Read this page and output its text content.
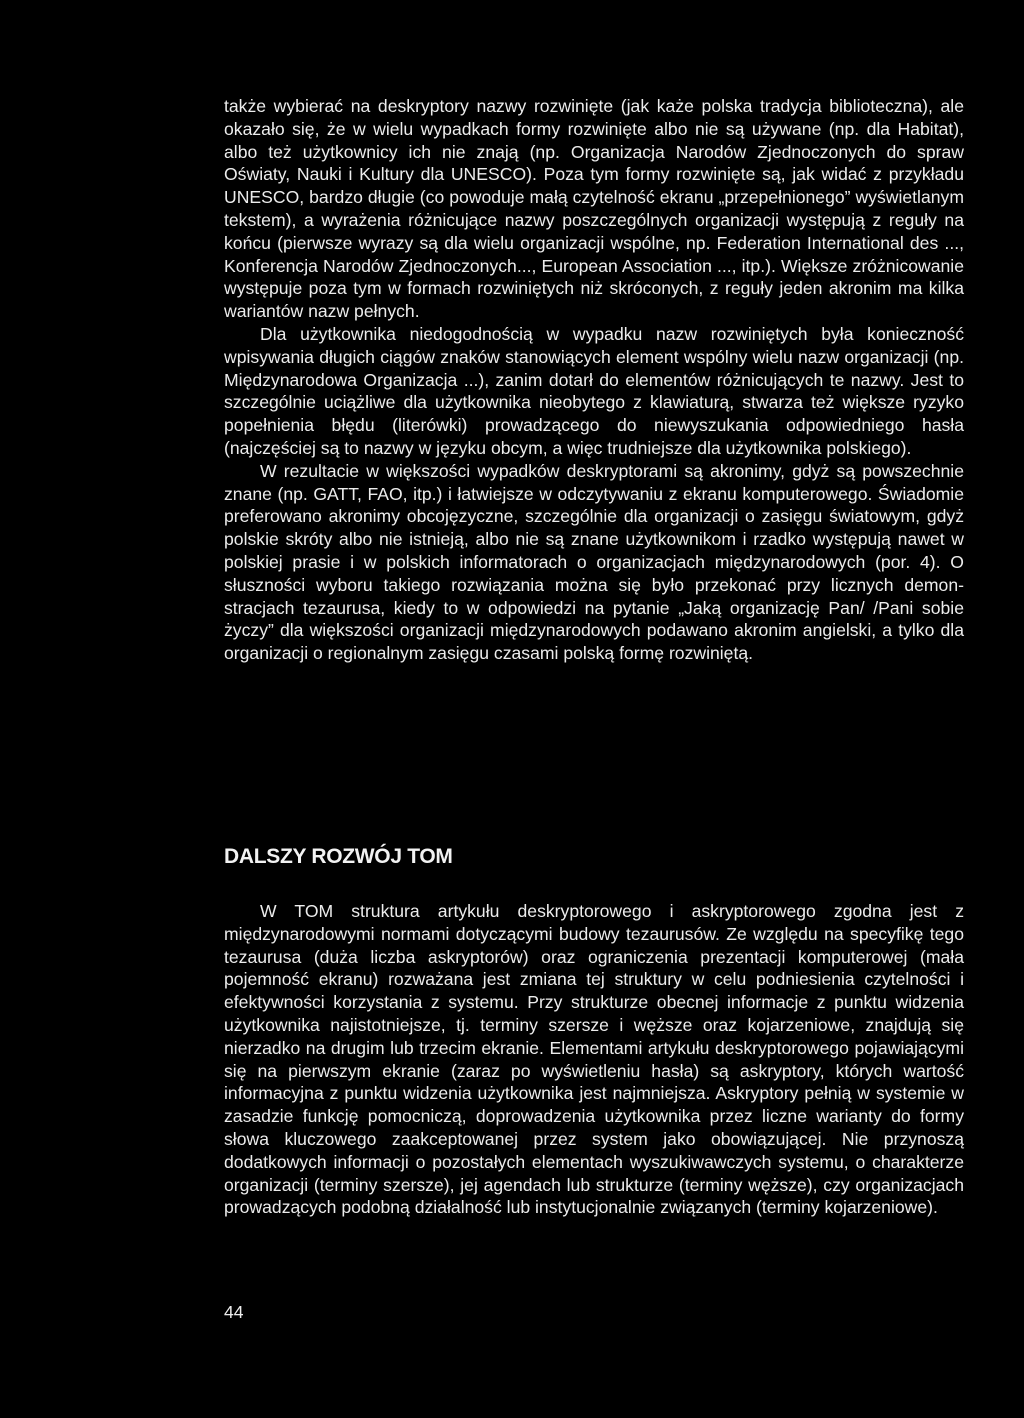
także wybierać na deskryptory nazwy rozwinięte (jak każe polska tradycja biblioteczna), ale okazało się, że w wielu wypadkach formy rozwinięte albo nie są używane (np. dla Habitat), albo też użytkownicy ich nie znają (np. Organizacja Narodów Zjednoczonych do spraw Oświaty, Nauki i Kultury dla UNESCO). Poza tym formy rozwinięte są, jak widać z przykładu UNESCO, bardzo długie (co powoduje małą czytelność ekranu „przepełnionego” wyświetlanym tekstem), a wyrażenia różnicujące nazwy poszczególnych organizacji występują z reguły na końcu (pierwsze wyrazy są dla wielu organizacji wspólne, np. Federation International des ..., Konferencja Narodów Zjednoczonych..., European Association ..., itp.). Większe zróżnicowanie występuje poza tym w formach rozwiniętych niż skróconych, z reguły jeden akronim ma kilka wariantów nazw pełnych.

Dla użytkownika niedogodnością w wypadku nazw rozwiniętych była konieczność wpisywania długich ciągów znaków stanowiących element wspólny wielu nazw organizacji (np. Międzynarodowa Organizacja ...), zanim dotarł do elementów różnicujących te nazwy. Jest to szczególnie uciążliwe dla użytkownika nieobytego z klawiaturą, stwarza też większe ryzyko popełnienia błędu (literówki) prowadzącego do niewyszukania odpowiedniego hasła (najczęściej są to nazwy w języku obcym, a więc trudniejsze dla użytkownika polskiego).

W rezultacie w większości wypadków deskryptorami są akronimy, gdyż są powszechnie znane (np. GATT, FAO, itp.) i łatwiejsze w odczytywaniu z ekranu komputerowego. Świadomie preferowano akronimy obcojęzyczne, szczególnie dla organizacji o zasięgu światowym, gdyż polskie skróty albo nie istnieją, albo nie są znane użytkownikom i rzadko występują nawet w polskiej prasie i w polskich informatorach o organizacjach międzynarodowych (por. 4). O słuszności wyboru takiego rozwiązania można się było przekonać przy licznych demonstracjach tezaurusa, kiedy to w odpowiedzi na pytanie „Jaką organizację Pan/ /Pani sobie życzy” dla większości organizacji międzynarodowych podawano akronim angielski, a tylko dla organizacji o regionalnym zasięgu czasami polską formę rozwiniętą.

DALSZY ROZWÓJ TOM

W TOM struktura artykułu deskryptorowego i askryptorowego zgodna jest z międzynarodowymi normami dotyczącymi budowy tezaurusów. Ze względu na specyfikę tego tezaurusa (duża liczba askryptorów) oraz ograniczenia prezentacji komputerowej (mała pojemność ekranu) rozważana jest zmiana tej struktury w celu podniesienia czytelności i efektywności korzystania z systemu. Przy strukturze obecnej informacje z punktu widzenia użytkownika najistotniejsze, tj. terminy szersze i węższe oraz kojarzeniowe, znajdują się nierzadko na drugim lub trzecim ekranie. Elementami artykułu deskryptorowego pojawiającymi się na pierwszym ekranie (zaraz po wyświetleniu hasła) są askryptory, których wartość informacyjna z punktu widzenia użytkownika jest najmniejsza. Askryptory pełnią w systemie w zasadzie funkcję pomocniczą, doprowadzenia użytkownika przez liczne warianty do formy słowa kluczowego zaakceptowanej przez system jako obowiązującej. Nie przynoszą dodatkowych informacji o pozostałych elementach wyszukiwawczych systemu, o charakterze organizacji (terminy szersze), jej agendach lub strukturze (terminy węższe), czy organizacjach prowadzących podobną działalność lub instytucjonalnie związanych (terminy kojarzeniowe).

44
